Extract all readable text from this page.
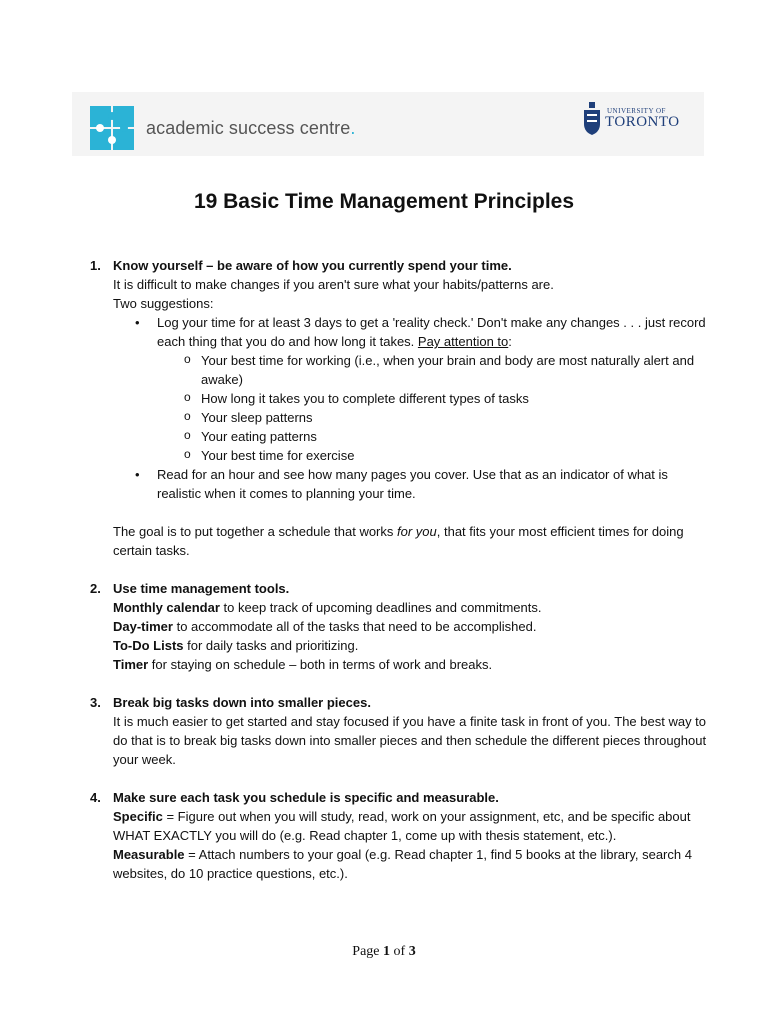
academic success centre.
UNIVERSITY OF
TORONTO
19 Basic Time Management Principles
1. Know yourself – be aware of how you currently spend your time.
It is difficult to make changes if you aren't sure what your habits/patterns are.
Two suggestions:
• Log your time for at least 3 days to get a 'reality check.' Don't make any changes . . . just record each thing that you do and how long it takes. Pay attention to:
o Your best time for working (i.e., when your brain and body are most naturally alert and awake)
o How long it takes you to complete different types of tasks
o Your sleep patterns
o Your eating patterns
o Your best time for exercise
• Read for an hour and see how many pages you cover. Use that as an indicator of what is realistic when it comes to planning your time.
The goal is to put together a schedule that works for you, that fits your most efficient times for doing certain tasks.
2. Use time management tools.
Monthly calendar to keep track of upcoming deadlines and commitments.
Day-timer to accommodate all of the tasks that need to be accomplished.
To-Do Lists for daily tasks and prioritizing.
Timer for staying on schedule – both in terms of work and breaks.
3. Break big tasks down into smaller pieces.
It is much easier to get started and stay focused if you have a finite task in front of you. The best way to do that is to break big tasks down into smaller pieces and then schedule the different pieces throughout your week.
4. Make sure each task you schedule is specific and measurable.
Specific = Figure out when you will study, read, work on your assignment, etc, and be specific about WHAT EXACTLY you will do (e.g. Read chapter 1, come up with thesis statement, etc.).
Measurable = Attach numbers to your goal (e.g. Read chapter 1, find 5 books at the library, search 4 websites, do 10 practice questions, etc.).
Page 1 of 3
